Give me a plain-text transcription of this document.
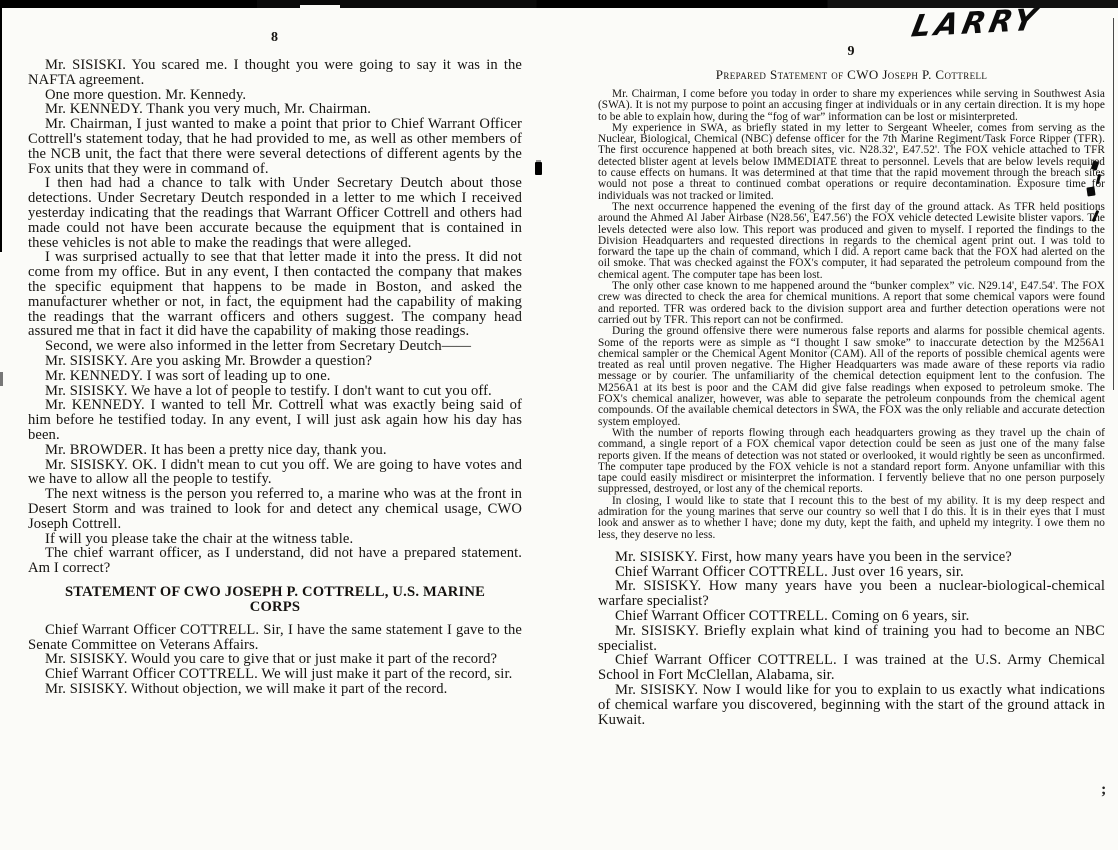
LARRY
;
8

Mr. SISISKI. You scared me. I thought you were going to say it was in the NAFTA agreement.

One more question. Mr. Kennedy.

Mr. KENNEDY. Thank you very much, Mr. Chairman.

Mr. Chairman, I just wanted to make a point that prior to Chief Warrant Officer Cottrell's statement today, that he had provided to me, as well as other members of the NCB unit, the fact that there were several detections of different agents by the Fox units that they were in command of.

I then had had a chance to talk with Under Secretary Deutch about those detections. Under Secretary Deutch responded in a letter to me which I received yesterday indicating that the readings that Warrant Officer Cottrell and others had made could not have been accurate because the equipment that is contained in these vehicles is not able to make the readings that were alleged.

I was surprised actually to see that that letter made it into the press. It did not come from my office. But in any event, I then contacted the company that makes the specific equipment that happens to be made in Boston, and asked the manufacturer whether or not, in fact, the equipment had the capability of making the readings that the warrant officers and others suggest. The company head assured me that in fact it did have the capability of making those readings.

Second, we were also informed in the letter from Secretary Deutch——

Mr. SISISKY. Are you asking Mr. Browder a question?

Mr. KENNEDY. I was sort of leading up to one.

Mr. SISISKY. We have a lot of people to testify. I don't want to cut you off.

Mr. KENNEDY. I wanted to tell Mr. Cottrell what was exactly being said of him before he testified today. In any event, I will just ask again how his day has been.

Mr. BROWDER. It has been a pretty nice day, thank you.

Mr. SISISKY. OK. I didn't mean to cut you off. We are going to have votes and we have to allow all the people to testify.

The next witness is the person you referred to, a marine who was at the front in Desert Storm and was trained to look for and detect any chemical usage, CWO Joseph Cottrell.

If will you please take the chair at the witness table.

The chief warrant officer, as I understand, did not have a prepared statement. Am I correct?

STATEMENT OF CWO JOSEPH P. COTTRELL, U.S. MARINE CORPS

Chief Warrant Officer COTTRELL. Sir, I have the same statement I gave to the Senate Committee on Veterans Affairs.

Mr. SISISKY. Would you care to give that or just make it part of the record?

Chief Warrant Officer COTTRELL. We will just make it part of the record, sir.

Mr. SISISKY. Without objection, we will make it part of the record.

9
Prepared Statement of CWO Joseph P. Cottrell

Mr. Chairman, I come before you today in order to share my experiences while serving in Southwest Asia (SWA). It is not my purpose to point an accusing finger at individuals or in any certain direction. It is my hope to be able to explain how, during the “fog of war” information can be lost or misinterpreted.

My experience in SWA, as briefly stated in my letter to Sergeant Wheeler, comes from serving as the Nuclear, Biological, Chemical (NBC) defense officer for the 7th Marine Regiment/Task Force Ripper (TFR). The first occurence happened at both breach sites, vic. N28.32', E47.52'. The FOX vehicle attached to TFR detected blister agent at levels below IMMEDIATE threat to personnel. Levels that are below levels required to cause effects on humans. It was determined at that time that the rapid movement through the breach sites would not pose a threat to continued combat operations or require decontamination. Exposure time for individuals was not tracked or limited.

The next occurrence happened the evening of the first day of the ground attack. As TFR held positions around the Ahmed Al Jaber Airbase (N28.56', E47.56') the FOX vehicle detected Lewisite blister vapors. The levels detected were also low. This report was produced and given to myself. I reported the findings to the Division Headquarters and requested directions in regards to the chemical agent print out. I was told to forward the tape up the chain of command, which I did. A report came back that the FOX had alerted on the oil smoke. That was checked against the FOX's computer, it had separated the petroleum compound from the chemical agent. The computer tape has been lost.

The only other case known to me happened around the “bunker complex” vic. N29.14', E47.54'. The FOX crew was directed to check the area for chemical munitions. A report that some chemical vapors were found and reported. TFR was ordered back to the division support area and further detection operations were not carried out by TFR. This report can not be confirmed.

During the ground offensive there were numerous false reports and alarms for possible chemical agents. Some of the reports were as simple as “I thought I saw smoke” to inaccurate detection by the M256A1 chemical sampler or the Chemical Agent Monitor (CAM). All of the reports of possible chemical agents were treated as real until proven negative. The Higher Headquarters was made aware of these reports via radio message or by courier. The unfamiliarity of the chemical detection equipment lent to the confusion. The M256A1 at its best is poor and the CAM did give false readings when exposed to petroleum smoke. The FOX's chemical analizer, however, was able to separate the petroleum conpounds from the chemical agent compounds. Of the available chemical detectors in SWA, the FOX was the only reliable and accurate detection system employed.

With the number of reports flowing through each headquarters growing as they travel up the chain of command, a single report of a FOX chemical vapor detection could be seen as just one of the many false reports given. If the means of detection was not stated or overlooked, it would rightly be seen as unconfirmed. The computer tape produced by the FOX vehicle is not a standard report form. Anyone unfamiliar with this tape could easily misdirect or misinterpret the information. I fervently believe that no one person purposely suppressed, destroyed, or lost any of the chemical reports.

In closing, I would like to state that I recount this to the best of my ability. It is my deep respect and admiration for the young marines that serve our country so well that I do this. It is in their eyes that I must look and answer as to whether I have; done my duty, kept the faith, and upheld my integrity. I owe them no less, they deserve no less.

Mr. SISISKY. First, how many years have you been in the service?

Chief Warrant Officer COTTRELL. Just over 16 years, sir.

Mr. SISISKY. How many years have you been a nuclear-biological-chemical warfare specialist?

Chief Warrant Officer COTTRELL. Coming on 6 years, sir.

Mr. SISISKY. Briefly explain what kind of training you had to become an NBC specialist.

Chief Warrant Officer COTTRELL. I was trained at the U.S. Army Chemical School in Fort McClellan, Alabama, sir.

Mr. SISISKY. Now I would like for you to explain to us exactly what indications of chemical warfare you discovered, beginning with the start of the ground attack in Kuwait.
